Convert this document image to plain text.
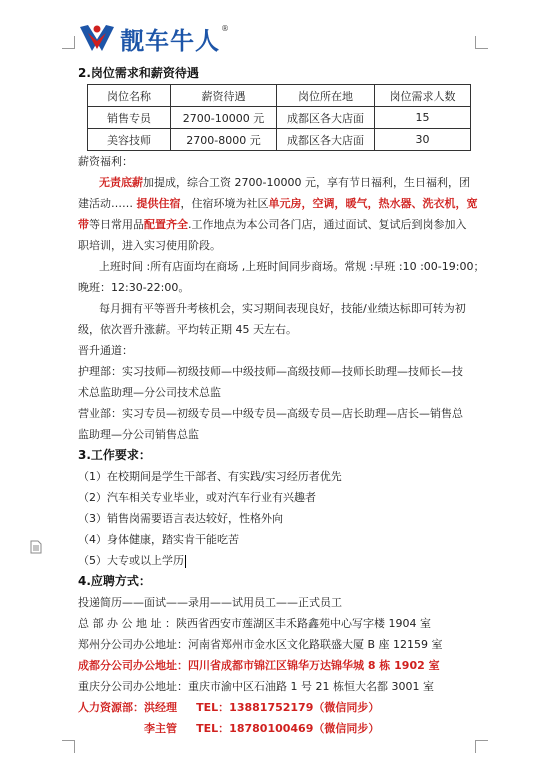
靓车牛人 ®
2.岗位需求和薪资待遇
岗位名称	薪资待遇	岗位所在地	岗位需求人数
销售专员	2700-10000 元	成都区各大店面	15
美容技师	2700-8000 元	成都区各大店面	30
薪资福利：
无责底薪加提成，综合工资 2700-10000 元，享有节日福利，生日福利，团
建活动…… 提供住宿，住宿环境为社区单元房，空调，暖气，热水器、洗衣机，宽
带等日常用品配置齐全.工作地点为本公司各门店，通过面试、复试后到岗参加入
职培训，进入实习使用阶段。
上班时间 :所有店面均在商场 ,上班时间同步商场。常规 :早班 :10 :00-19:00；
晚班：12:30-22:00。
每月拥有平等晋升考核机会，实习期间表现良好，技能/业绩达标即可转为初
级，依次晋升涨薪。平均转正期 45 天左右。
晋升通道：
护理部：实习技师—初级技师—中级技师—高级技师—技师长助理—技师长—技
术总监助理—分公司技术总监
营业部：实习专员—初级专员—中级专员—高级专员—店长助理—店长—销售总
监助理—分公司销售总监
3.工作要求：
（1）在校期间是学生干部者、有实践/实习经历者优先
（2）汽车相关专业毕业，或对汽车行业有兴趣者
（3）销售岗需要语言表达较好，性格外向
（4）身体健康，踏实肯干能吃苦
（5）大专或以上学历
4.应聘方式：
投递简历——面试——录用——试用员工——正式员工
总 部 办 公 地 址 ：陕西省西安市莲湖区丰禾路鑫苑中心写字楼 1904 室
郑州分公司办公地址：河南省郑州市金水区文化路联盛大厦 B 座 12159 室
成都分公司办公地址：四川省成都市锦江区锦华万达锦华城 8 栋 1902 室
重庆分公司办公地址：重庆市渝中区石油路 1 号 21 栋恒大名都 3001 室
人力资源部：洪经理     TEL：13881752179（微信同步）
李主管     TEL：18780100469（微信同步）
